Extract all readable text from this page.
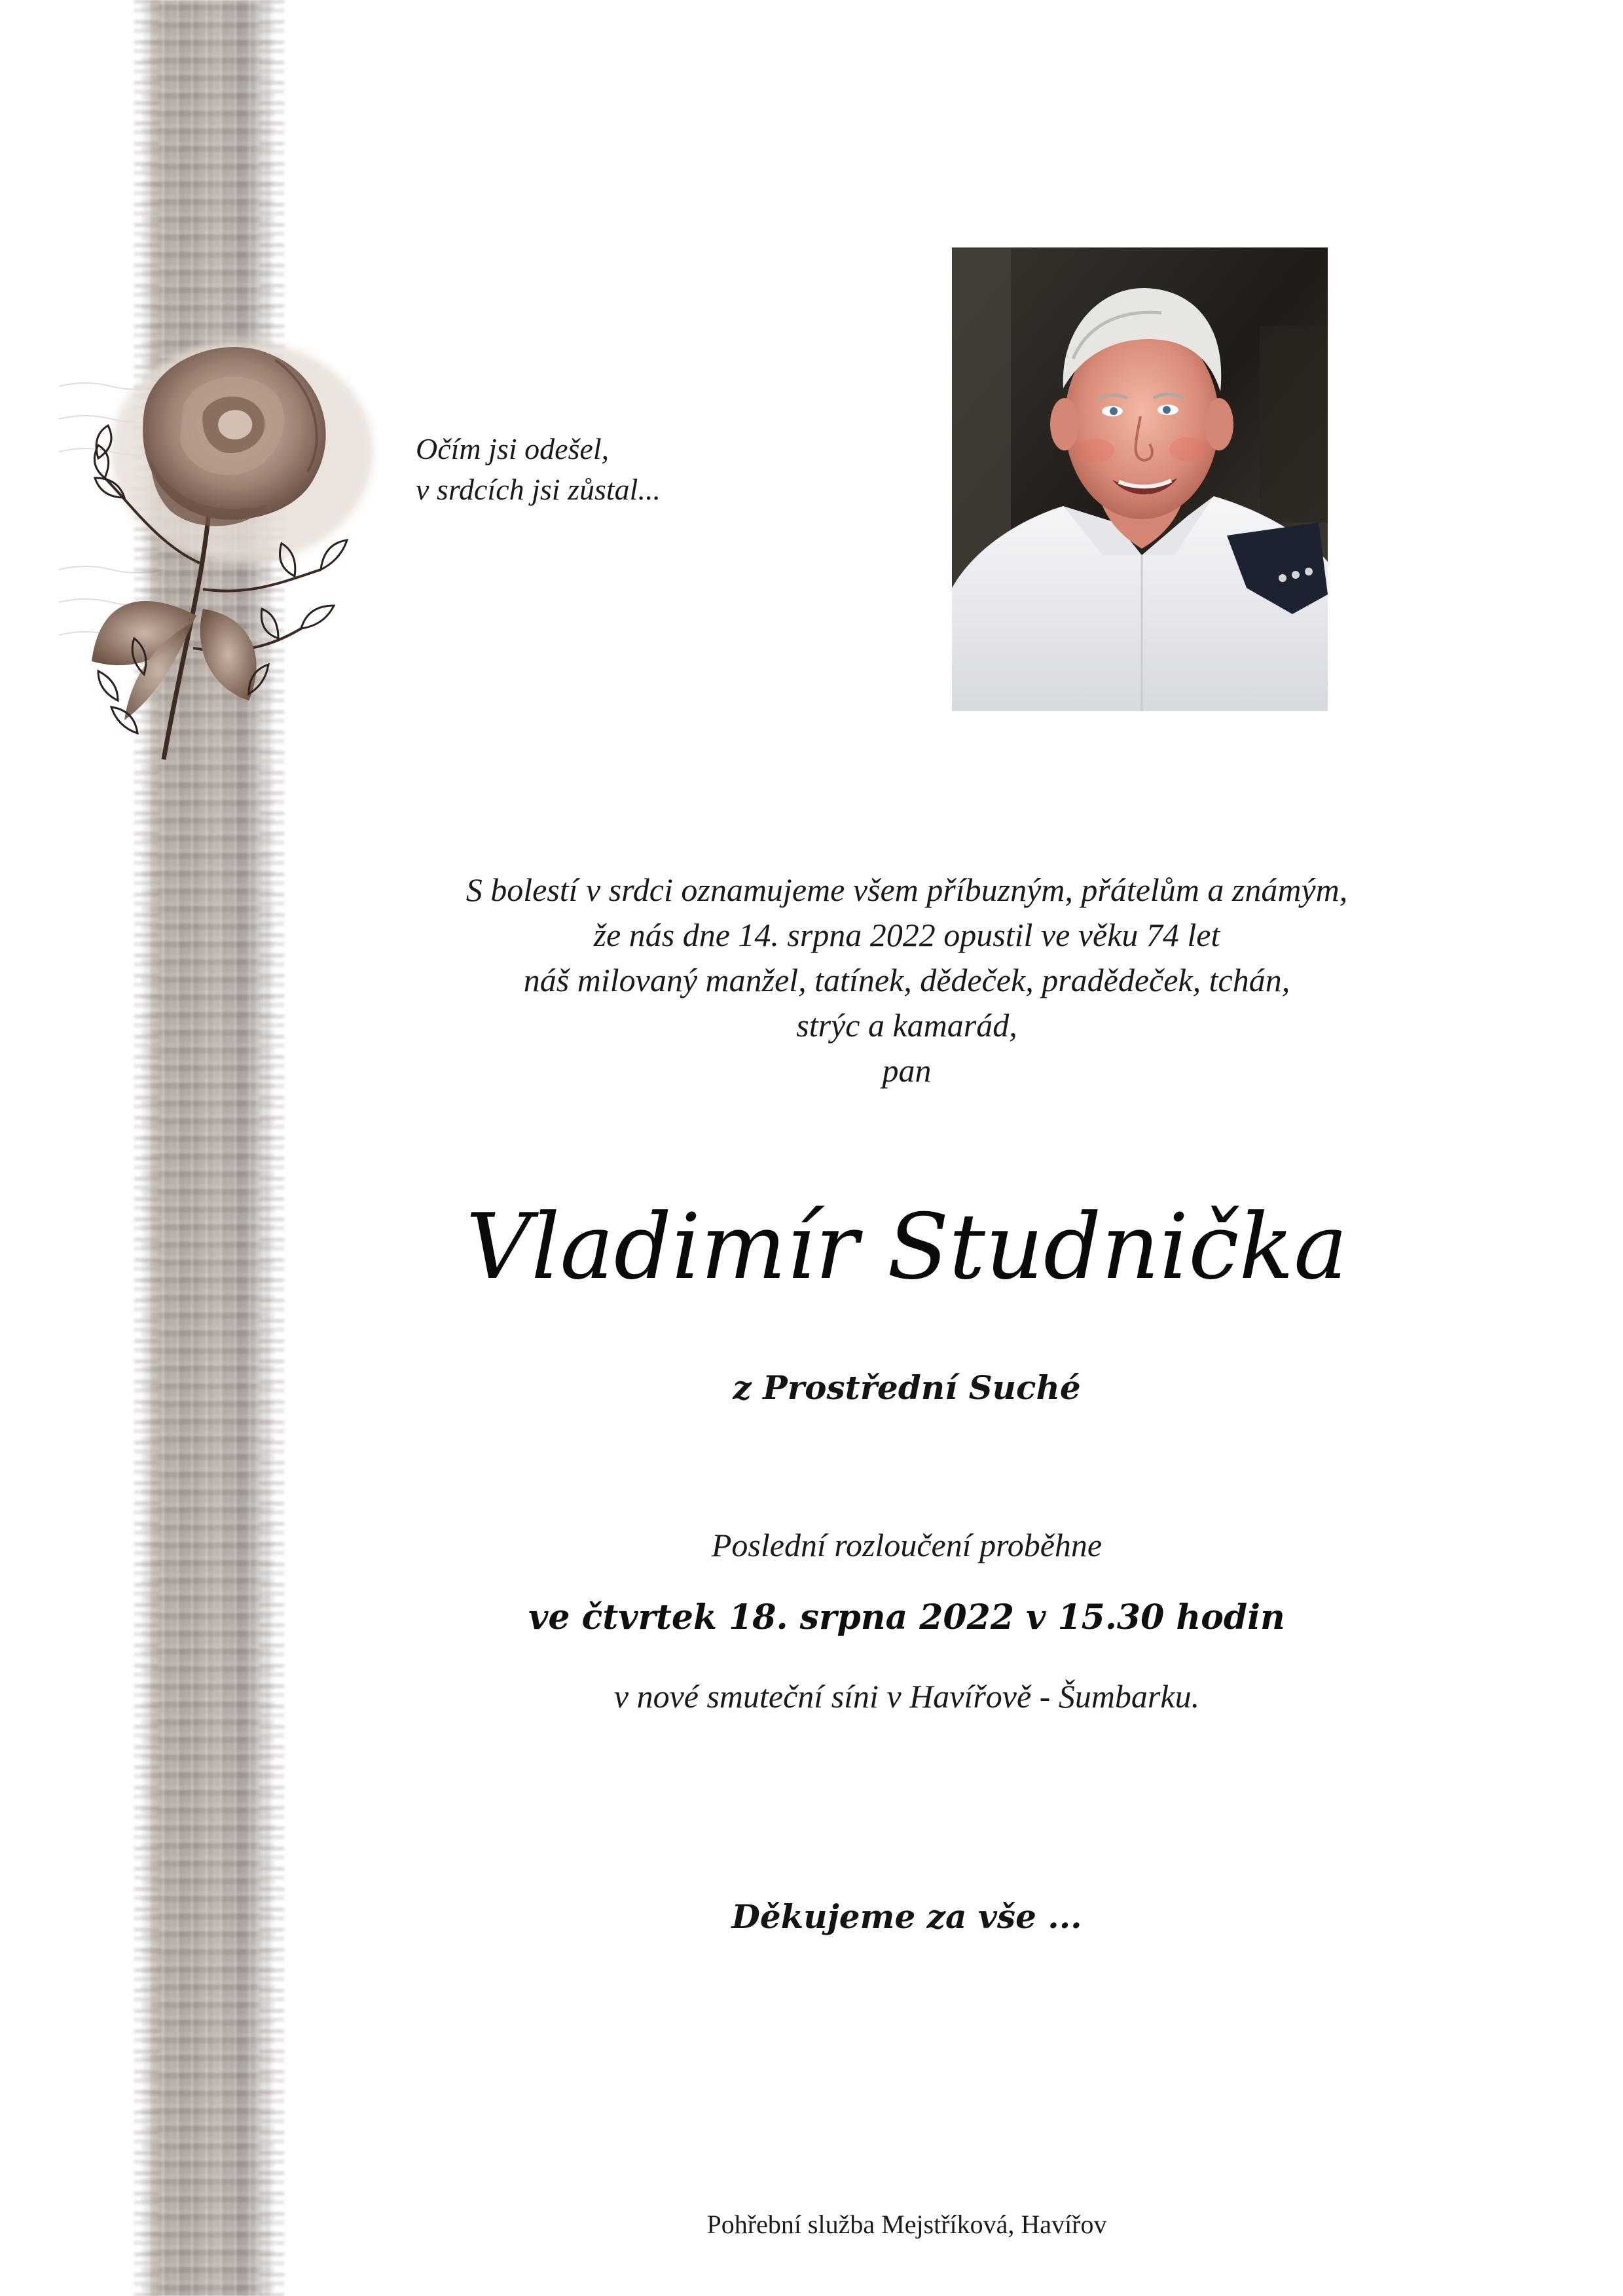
Očím jsi odešel,
v srdcích jsi zůstal...
S bolestí v srdci oznamujeme všem příbuzným, přátelům a známým,
že nás dne 14. srpna 2022 opustil ve věku 74 let
náš milovaný manžel, tatínek, dědeček, pradědeček, tchán,
strýc a kamarád,
pan
Vladimír Studnička
z Prostřední Suché
Poslední rozloučení proběhne
ve čtvrtek 18. srpna 2022 v 15.30 hodin
v nové smuteční síni v Havířově - Šumbarku.
Děkujeme za vše ...
Pohřební služba Mejstříková, Havířov
